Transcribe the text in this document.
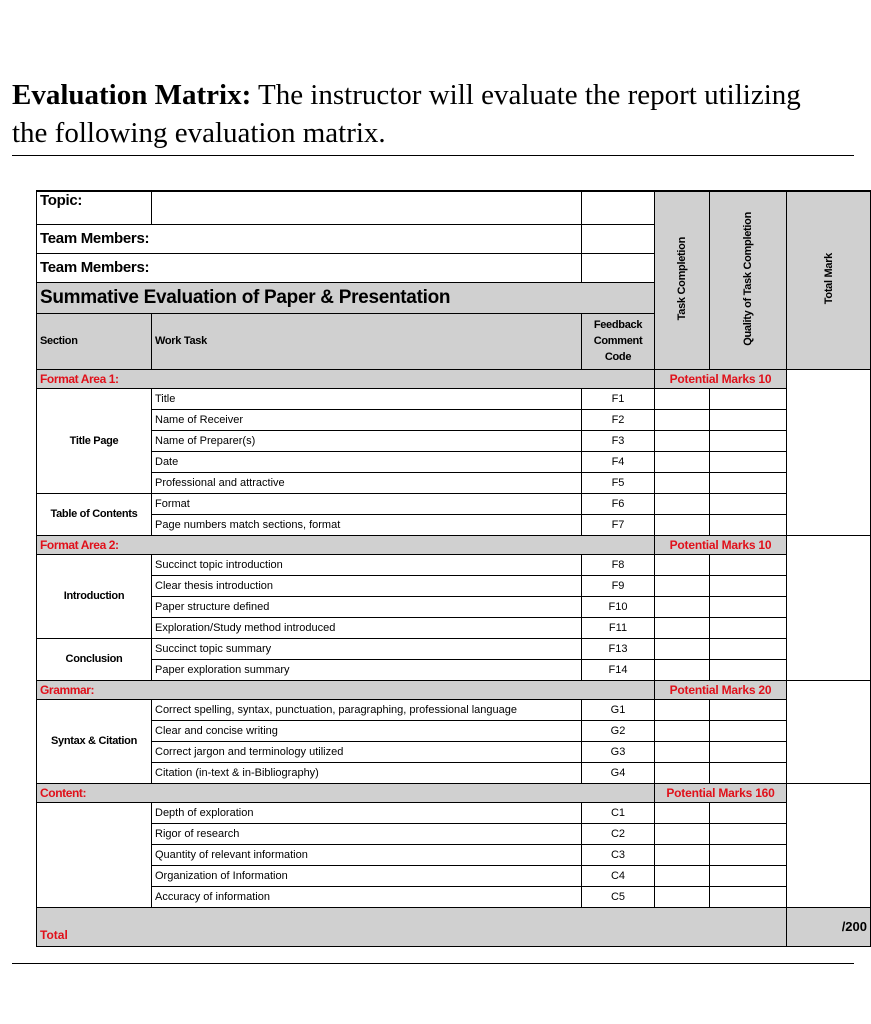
Evaluation Matrix: The instructor will evaluate the report utilizing
the following evaluation matrix.
Topic:			Task Completion	Quality of Task Completion	Total Mark
Team Members:					
Team Members:					
Summative Evaluation of Paper & Presentation					
Section	Work Task	Feedback Comment Code			
Format Area 1:			Potential Marks 10		
Title Page	Title	F1			
	Name of Receiver	F2			
	Name of Preparer(s)	F3			
	Date	F4			
	Professional and attractive	F5			
Table of Contents	Format	F6			
	Page numbers match sections, format	F7			
Format Area 2:			Potential Marks 10		
Introduction	Succinct topic introduction	F8			
	Clear thesis introduction	F9			
	Paper structure defined	F10			
	Exploration/Study method introduced	F11			
Conclusion	Succinct topic summary	F13			
	Paper exploration summary	F14			
Grammar:			Potential Marks 20		
Syntax & Citation	Correct spelling, syntax, punctuation, paragraphing, professional language	G1			
	Clear and concise writing	G2			
	Correct jargon and terminology utilized	G3			
	Citation (in-text & in-Bibliography)	G4			
Content:			Potential Marks 160		
	Depth of exploration	C1			
	Rigor of research	C2			
	Quantity of relevant information	C3			
	Organization of Information	C4			
	Accuracy of information	C5			
Total					/200
